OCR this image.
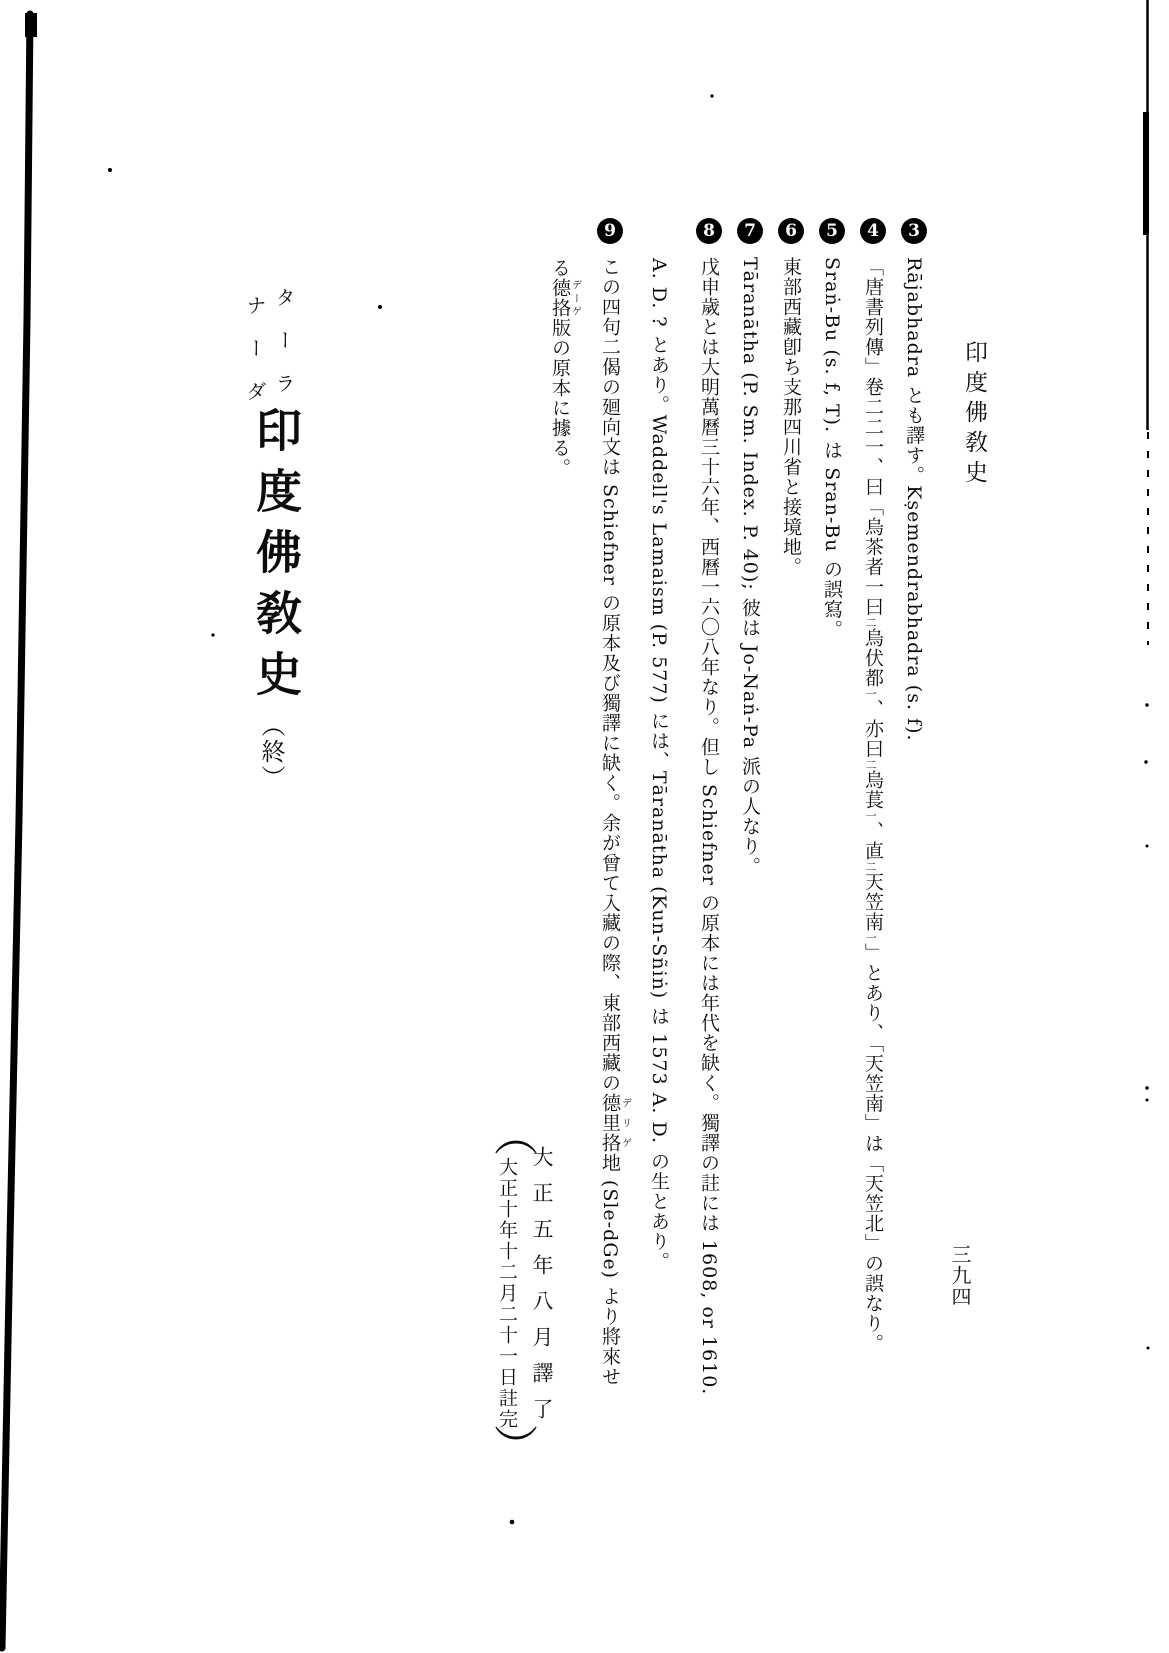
印度佛敎史
三九四
3Rājabhadra とも譯す。Kṣemendrabhadra (s. f).
4「唐書列傳」卷二二一、曰「烏茶者一曰二烏伏都一、亦曰二烏萇一、直二天笠南一」とあり、「天笠南」は「天笠北」の誤なり。
5Sraṅ-Bu (s. f, T). は Sran-Bu の誤寫。
6東部西藏卽ち支那四川省と接境地。
7Tāranātha (P. Sm. Index. P. 40); 彼は Jo-Naṅ-Pa 派の人なり。
8戊申歲とは大明萬曆三十六年、西曆一六〇八年なり。但し Schiefner の原本には年代を缺く。獨譯の註には 1608, or 1610.
A. D. ? とあり。Waddell's Lamaism (P. 577) には、Tāranātha (Kun-Sñiṅ) は 1573 A. D. の生とあり。
9この四句二偈の廻向文は Schiefner の原本及び獨譯に缺く。余が曾て入藏の際、東部西藏の德里挌デリゲ地 (Sle-dGe) より將來せ
る德挌デーゲ版の原本に據る。
ターラ
ナーダ
印度佛敎史
（終）
（
大正五年八月譯了
大正十年十二月二十一日註完
）
